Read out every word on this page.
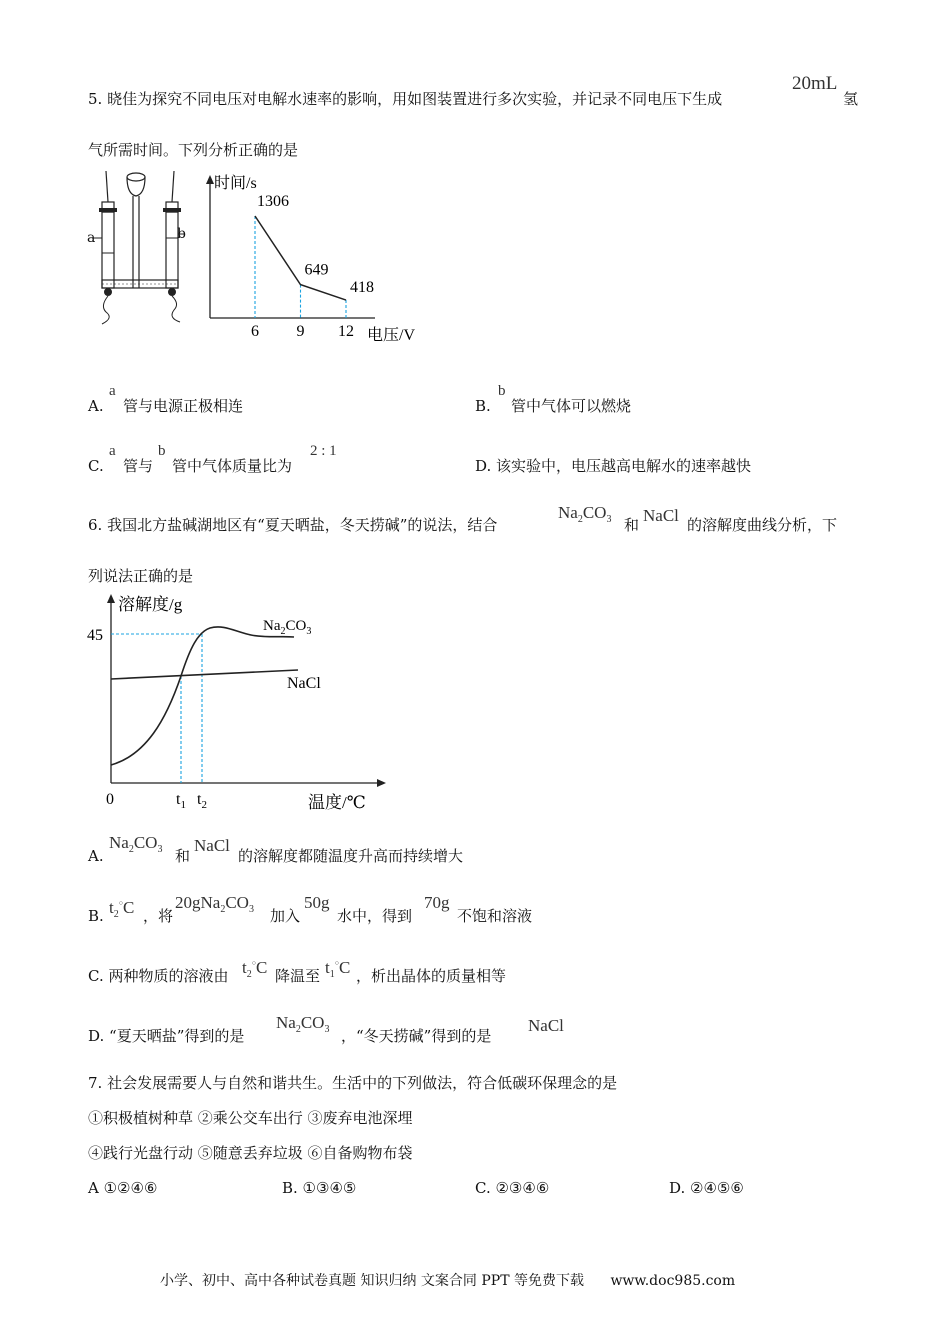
5. 晓佳为探究不同电压对电解水速率的影响，用如图装置进行多次实验，并记录不同电压下生成
20mL
氢
气所需时间。下列分析正确的是
a	b
1306
649
418
6 9 12
时间/s
电压/V
A.
a
管与电源正极相连	B.
b
管中气体可以燃烧
C.
a
管与
b
管中气体质量比为
2 : 1
D. 该实验中，电压越高电解水的速率越快
6. 我国北方盐碱湖地区有“夏天晒盐，冬天捞碱”的说法，结合
$Na_2CO_3$ 和 NaCl 的溶解度曲线分析，下
列说法正确的是
45
0	$t_1$ $t_2$
$Na_2CO_3$
NaCl
溶解度/g
温度/℃
A.
$Na_2CO_3$ 和
NaCl
的溶解度都随温度升高而持续增大
B. $t_2^○C$ ，将
$20gNa_2CO_3$ 加入
50g
水中，得到
70g
不饱和溶液
C. 两种物质的溶液由 $t_2^○C$ 降温至 $t_1^○C$ ，析出晶体的质量相等
D. “夏天晒盐”得到的是
$Na_2CO_3$ ，“冬天捞碱”得到的是
NaCl
7. 社会发展需要人与自然和谐共生。生活中的下列做法，符合低碳环保理念的是
①积极植树种草 ②乘公交车出行 ③废弃电池深埋
④践行光盘行动 ⑤随意丢弃垃圾 ⑥自备购物布袋
A ①②④⑥	B. ①③④⑤	C. ②③④⑥	D. ②④⑤⑥
小学、初中、高中各种试卷真题 知识归纳 文案合同 PPT 等免费下载 www.doc985.com
